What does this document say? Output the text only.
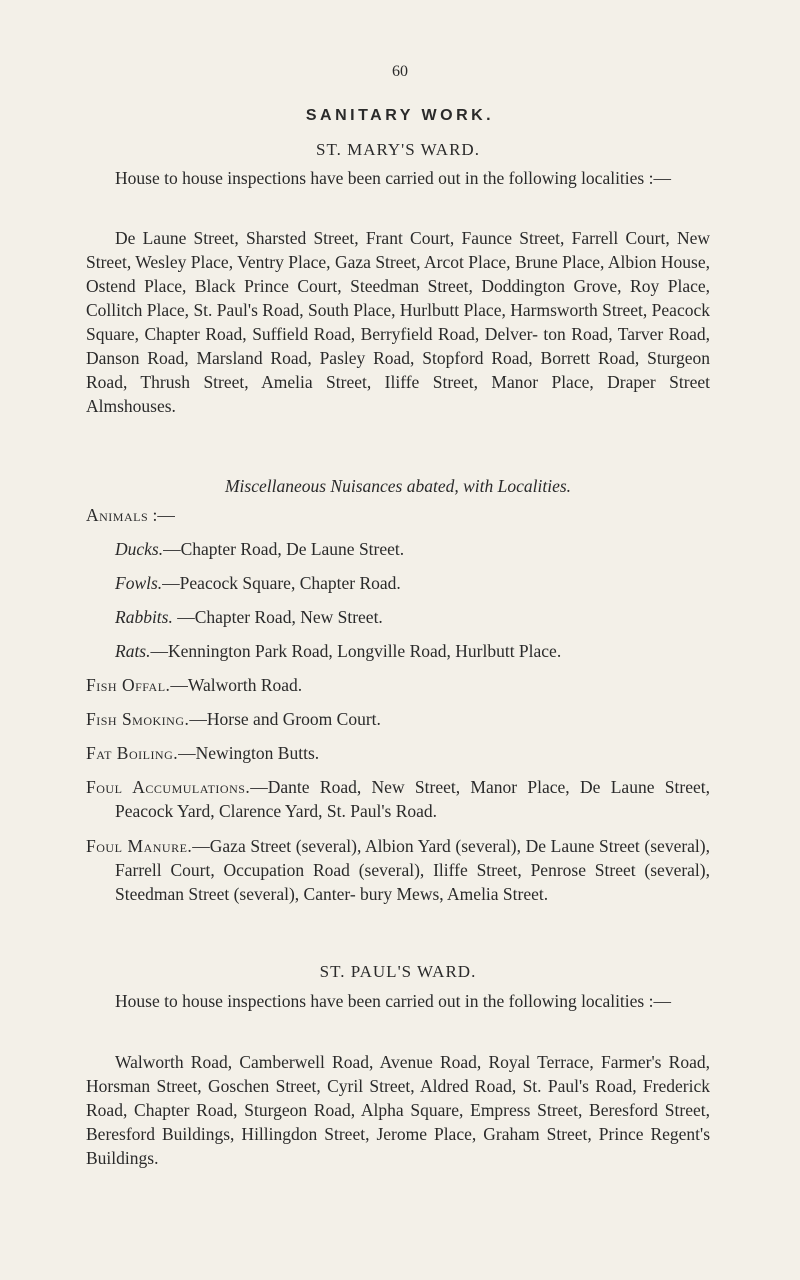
60
SANITARY WORK.
ST. MARY'S WARD.

House to house inspections have been carried out in the following localities :—

De Laune Street, Sharsted Street, Frant Court, Faunce Street, Farrell Court, New Street, Wesley Place, Ventry Place, Gaza Street, Arcot Place, Brune Place, Albion House, Ostend Place, Black Prince Court, Steedman Street, Doddington Grove, Roy Place, Collitch Place, St. Paul's Road, South Place, Hurlbutt Place, Harmsworth Street, Peacock Square, Chapter Road, Suffield Road, Berryfield Road, Delver- ton Road, Tarver Road, Danson Road, Marsland Road, Pasley Road, Stopford Road, Borrett Road, Sturgeon Road, Thrush Street, Amelia Street, Iliffe Street, Manor Place, Draper Street Almshouses.

Miscellaneous Nuisances abated, with Localities.

Animals :—

Ducks.—Chapter Road, De Laune Street.

Fowls.—Peacock Square, Chapter Road.

Rabbits. —Chapter Road, New Street.

Rats.—Kennington Park Road, Longville Road, Hurlbutt Place.

Fish Offal.—Walworth Road.

Fish Smoking.—Horse and Groom Court.

Fat Boiling.—Newington Butts.

Foul Accumulations.—Dante Road, New Street, Manor Place, De Laune Street, Peacock Yard, Clarence Yard, St. Paul's Road.

Foul Manure.—Gaza Street (several), Albion Yard (several), De Laune Street (several), Farrell Court, Occupation Road (several), Iliffe Street, Penrose Street (several), Steedman Street (several), Canter- bury Mews, Amelia Street.

ST. PAUL'S WARD.

House to house inspections have been carried out in the following localities :—

Walworth Road, Camberwell Road, Avenue Road, Royal Terrace, Farmer's Road, Horsman Street, Goschen Street, Cyril Street, Aldred Road, St. Paul's Road, Frederick Road, Chapter Road, Sturgeon Road, Alpha Square, Empress Street, Beresford Street, Beresford Buildings, Hillingdon Street, Jerome Place, Graham Street, Prince Regent's Buildings.
